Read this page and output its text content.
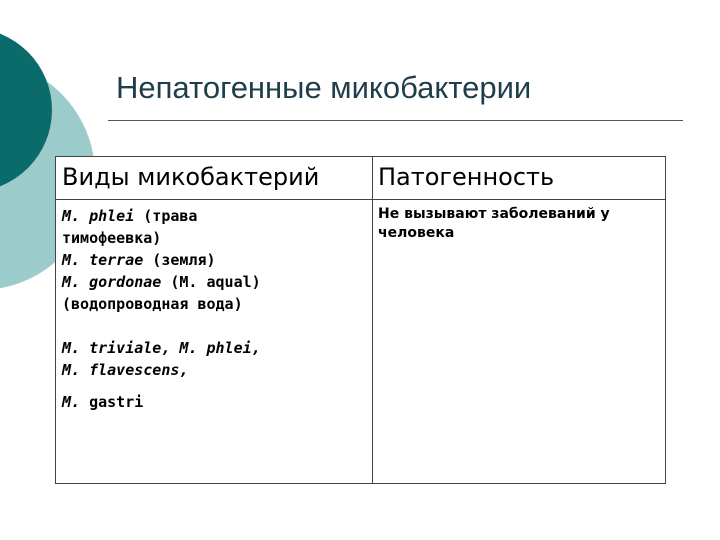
Непатогенные микобактерии
Виды микобактерий Патогенность
M. phlei (трава
тимофеевка)
M. terrae (земля)
M. gordonae (M. aqual)
(водопроводная вода)
M. triviale, M. phlei,
M. flavescens,
M. gastri
Не вызывают заболеваний у человека
